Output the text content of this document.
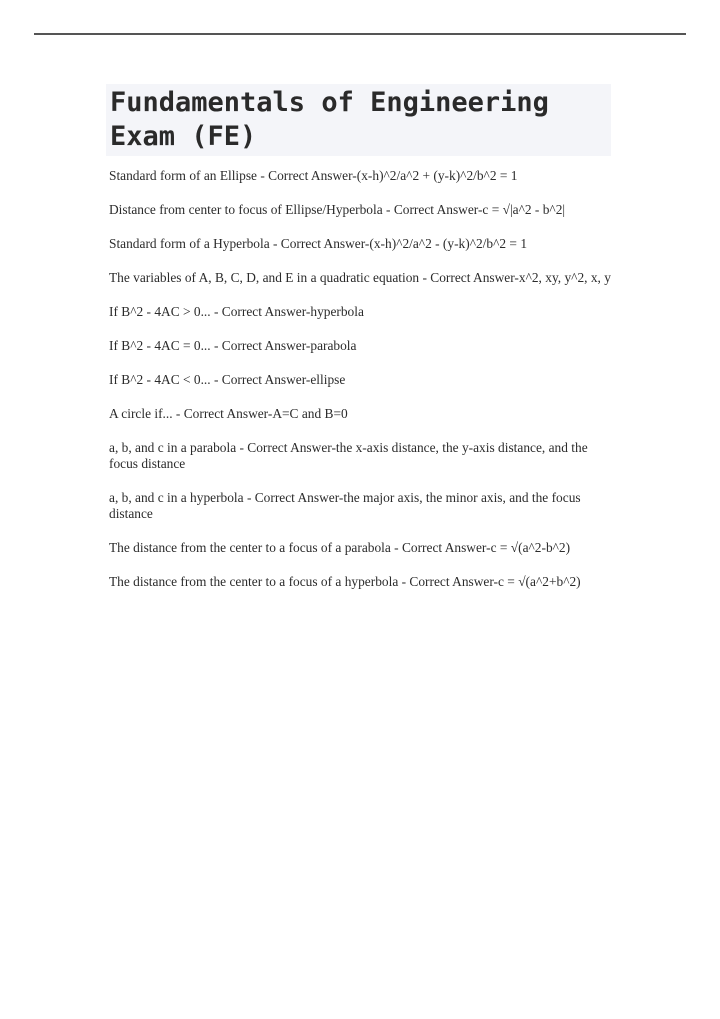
Fundamentals of Engineering
Exam (FE)
Standard form of an Ellipse - Correct Answer-(x-h)^2/a^2 + (y-k)^2/b^2 = 1
Distance from center to focus of Ellipse/Hyperbola - Correct Answer-c = √|a^2 - b^2|
Standard form of a Hyperbola - Correct Answer-(x-h)^2/a^2 - (y-k)^2/b^2 = 1
The variables of A, B, C, D, and E in a quadratic equation - Correct Answer-x^2, xy, y^2, x, y
If B^2 - 4AC > 0... - Correct Answer-hyperbola
If B^2 - 4AC = 0... - Correct Answer-parabola
If B^2 - 4AC < 0... - Correct Answer-ellipse
A circle if... - Correct Answer-A=C and B=0
a, b, and c in a parabola - Correct Answer-the x-axis distance, the y-axis distance, and the focus distance
a, b, and c in a hyperbola - Correct Answer-the major axis, the minor axis, and the focus distance
The distance from the center to a focus of a parabola - Correct Answer-c = √(a^2-b^2)
The distance from the center to a focus of a hyperbola - Correct Answer-c = √(a^2+b^2)
